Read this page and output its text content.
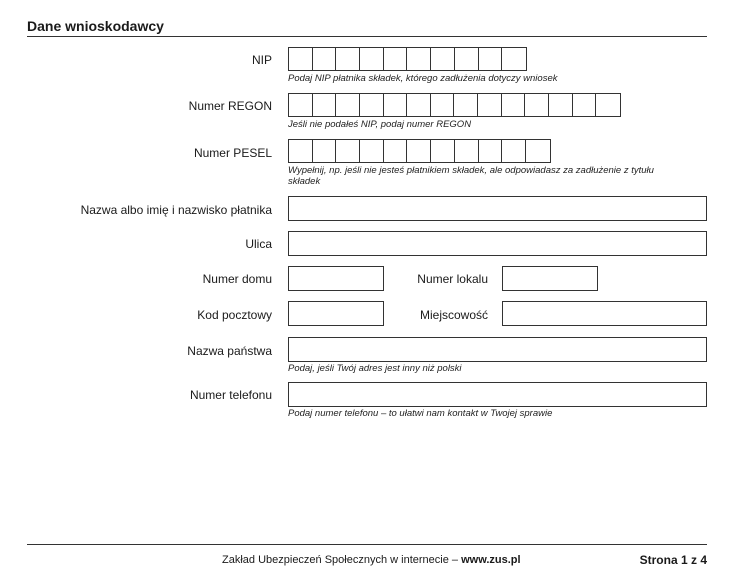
Dane wnioskodawcy
NIP
Podaj NIP płatnika składek, którego zadłużenia dotyczy wniosek
Numer REGON
Jeśli nie podałeś NIP, podaj numer REGON
Numer PESEL
Wypełnij, np. jeśli nie jesteś płatnikiem składek, ale odpowiadasz za zadłużenie z tytułu
składek
Nazwa albo imię i nazwisko płatnika
Ulica
Numer domu	Numer lokalu
Kod pocztowy	Miejscowość
Nazwa państwa
Podaj, jeśli Twój adres jest inny niż polski
Numer telefonu
Podaj numer telefonu – to ułatwi nam kontakt w Twojej sprawie
Zakład Ubezpieczeń Społecznych w internecie – www.zus.pl	Strona 1 z 4
